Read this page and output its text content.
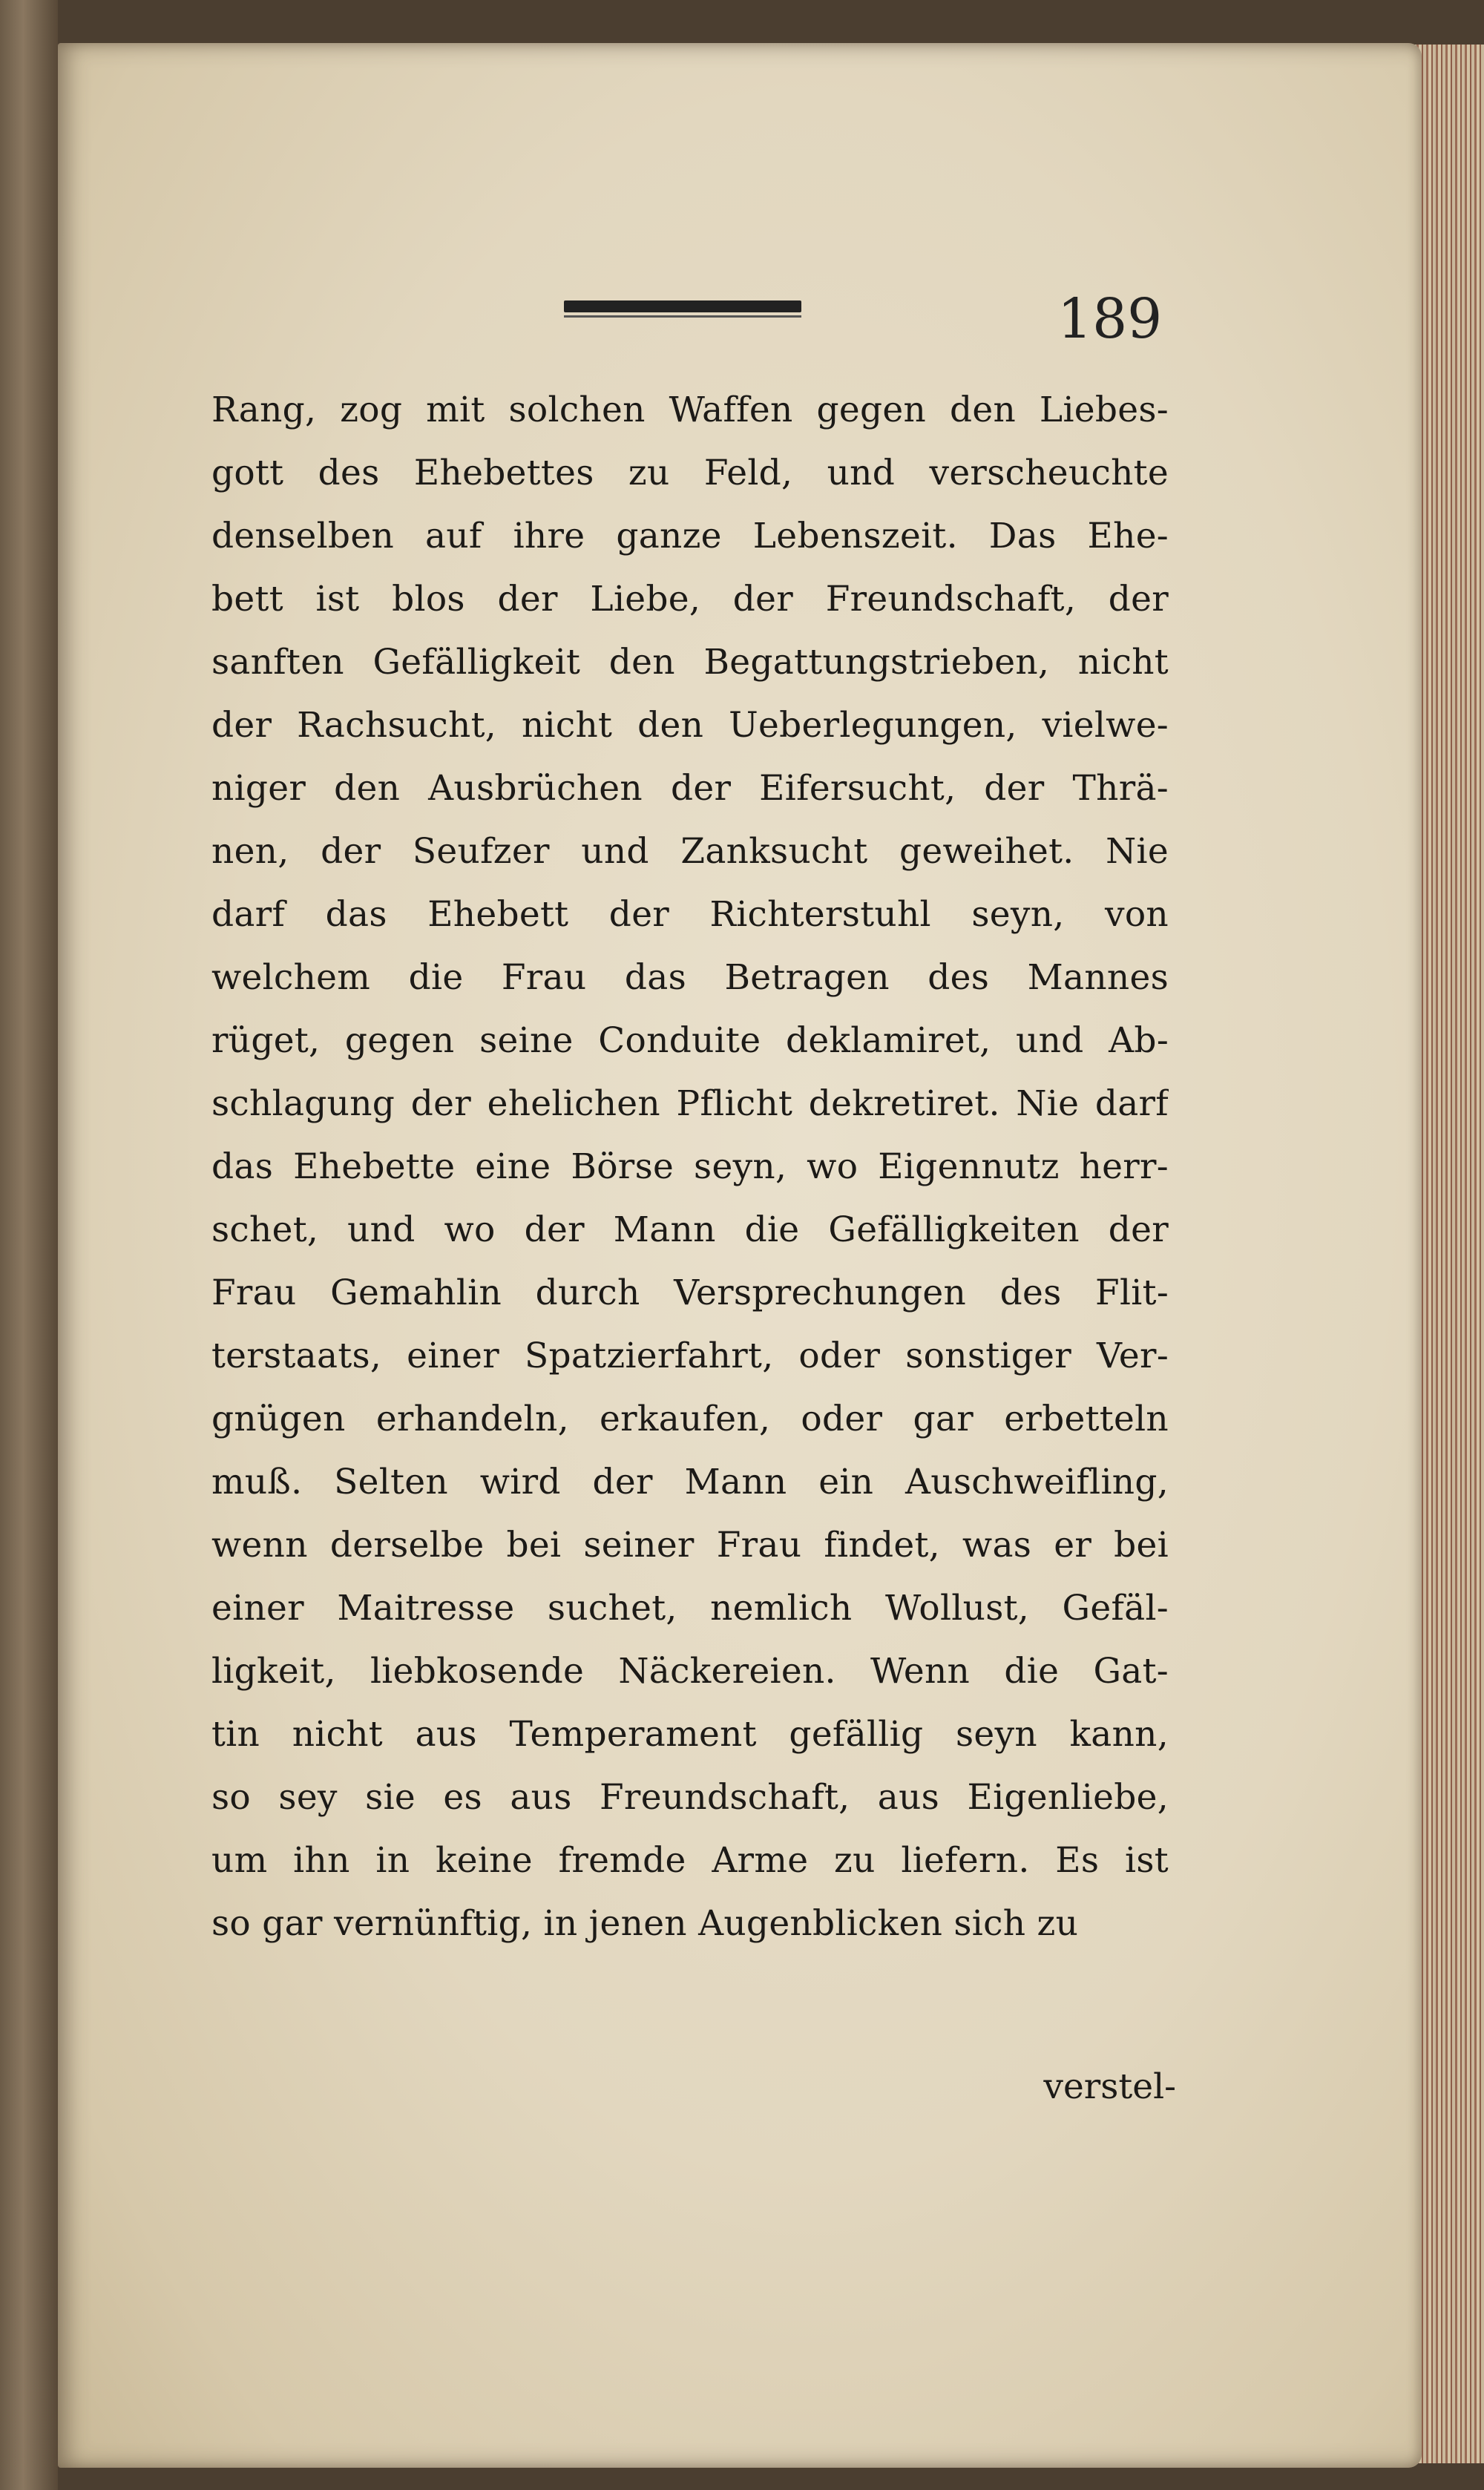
189
Rang, zog mit solchen Waffen gegen den Liebes-
gott des Ehebettes zu Feld, und verscheuchte
denselben auf ihre ganze Lebenszeit. Das Ehe-
bett ist blos der Liebe, der Freundschaft, der
sanften Gefälligkeit den Begattungstrieben, nicht
der Rachsucht, nicht den Ueberlegungen, vielwe-
niger den Ausbrüchen der Eifersucht, der Thrä-
nen, der Seufzer und Zanksucht geweihet. Nie
darf das Ehebett der Richterstuhl seyn, von
welchem die Frau das Betragen des Mannes
rüget, gegen seine Conduite deklamiret, und Ab-
schlagung der ehelichen Pflicht dekretiret. Nie darf
das Ehebette eine Börse seyn, wo Eigennutz herr-
schet, und wo der Mann die Gefälligkeiten der
Frau Gemahlin durch Versprechungen des Flit-
terstaats, einer Spatzierfahrt, oder sonstiger Ver-
gnügen erhandeln, erkaufen, oder gar erbetteln
muß. Selten wird der Mann ein Auschweifling,
wenn derselbe bei seiner Frau findet, was er bei
einer Maitresse suchet, nemlich Wollust, Gefäl-
ligkeit, liebkosende Näckereien. Wenn die Gat-
tin nicht aus Temperament gefällig seyn kann,
so sey sie es aus Freundschaft, aus Eigenliebe,
um ihn in keine fremde Arme zu liefern. Es ist
so gar vernünftig, in jenen Augenblicken sich zu
verstel-
